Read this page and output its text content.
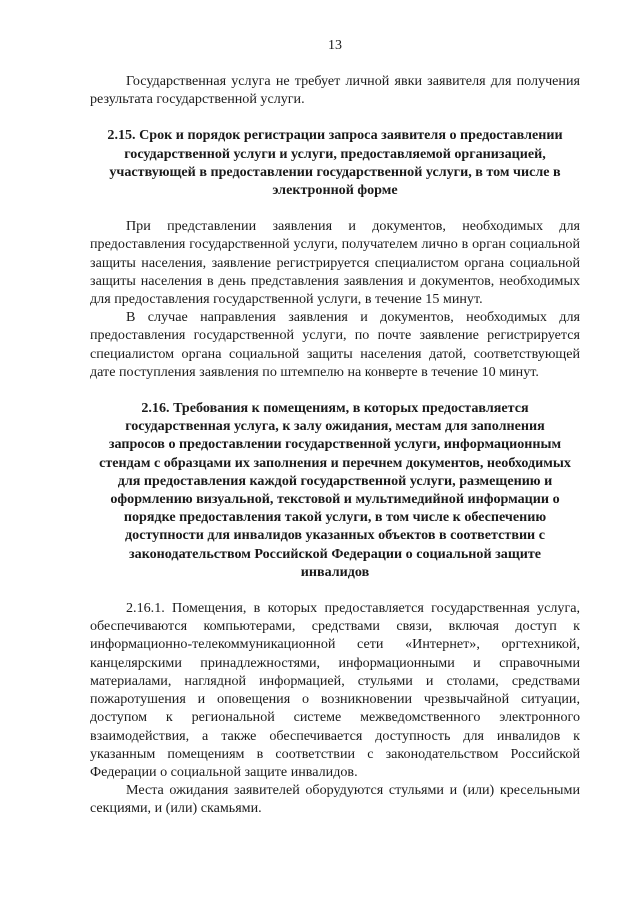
13

Государственная услуга не требует личной явки заявителя для получения результата государственной услуги.

2.15. Срок и порядок регистрации запроса заявителя о предоставлении государственной услуги и услуги, предоставляемой организацией, участвующей в предоставлении государственной услуги, в том числе в электронной форме

При представлении заявления и документов, необходимых для предоставления государственной услуги, получателем лично в орган социальной защиты населения, заявление регистрируется специалистом органа социальной защиты населения в день представления заявления и документов, необходимых для предоставления государственной услуги, в течение 15 минут.

В случае направления заявления и документов, необходимых для предоставления государственной услуги, по почте заявление регистрируется специалистом органа социальной защиты населения датой, соответствующей дате поступления заявления по штемпелю на конверте в течение 10 минут.

2.16. Требования к помещениям, в которых предоставляется государственная услуга, к залу ожидания, местам для заполнения запросов о предоставлении государственной услуги, информационным стендам с образцами их заполнения и перечнем документов, необходимых для предоставления каждой государственной услуги, размещению и оформлению визуальной, текстовой и мультимедийной информации о порядке предоставления такой услуги, в том числе к обеспечению доступности для инвалидов указанных объектов в соответствии с законодательством Российской Федерации о социальной защите инвалидов

2.16.1. Помещения, в которых предоставляется государственная услуга, обеспечиваются компьютерами, средствами связи, включая доступ к информационно-телекоммуникационной сети «Интернет», оргтехникой, канцелярскими принадлежностями, информационными и справочными материалами, наглядной информацией, стульями и столами, средствами пожаротушения и оповещения о возникновении чрезвычайной ситуации, доступом к региональной системе межведомственного электронного взаимодействия, а также обеспечивается доступность для инвалидов к указанным помещениям в соответствии с законодательством Российской Федерации о социальной защите инвалидов.

Места ожидания заявителей оборудуются стульями и (или) кресельными секциями, и (или) скамьями.
